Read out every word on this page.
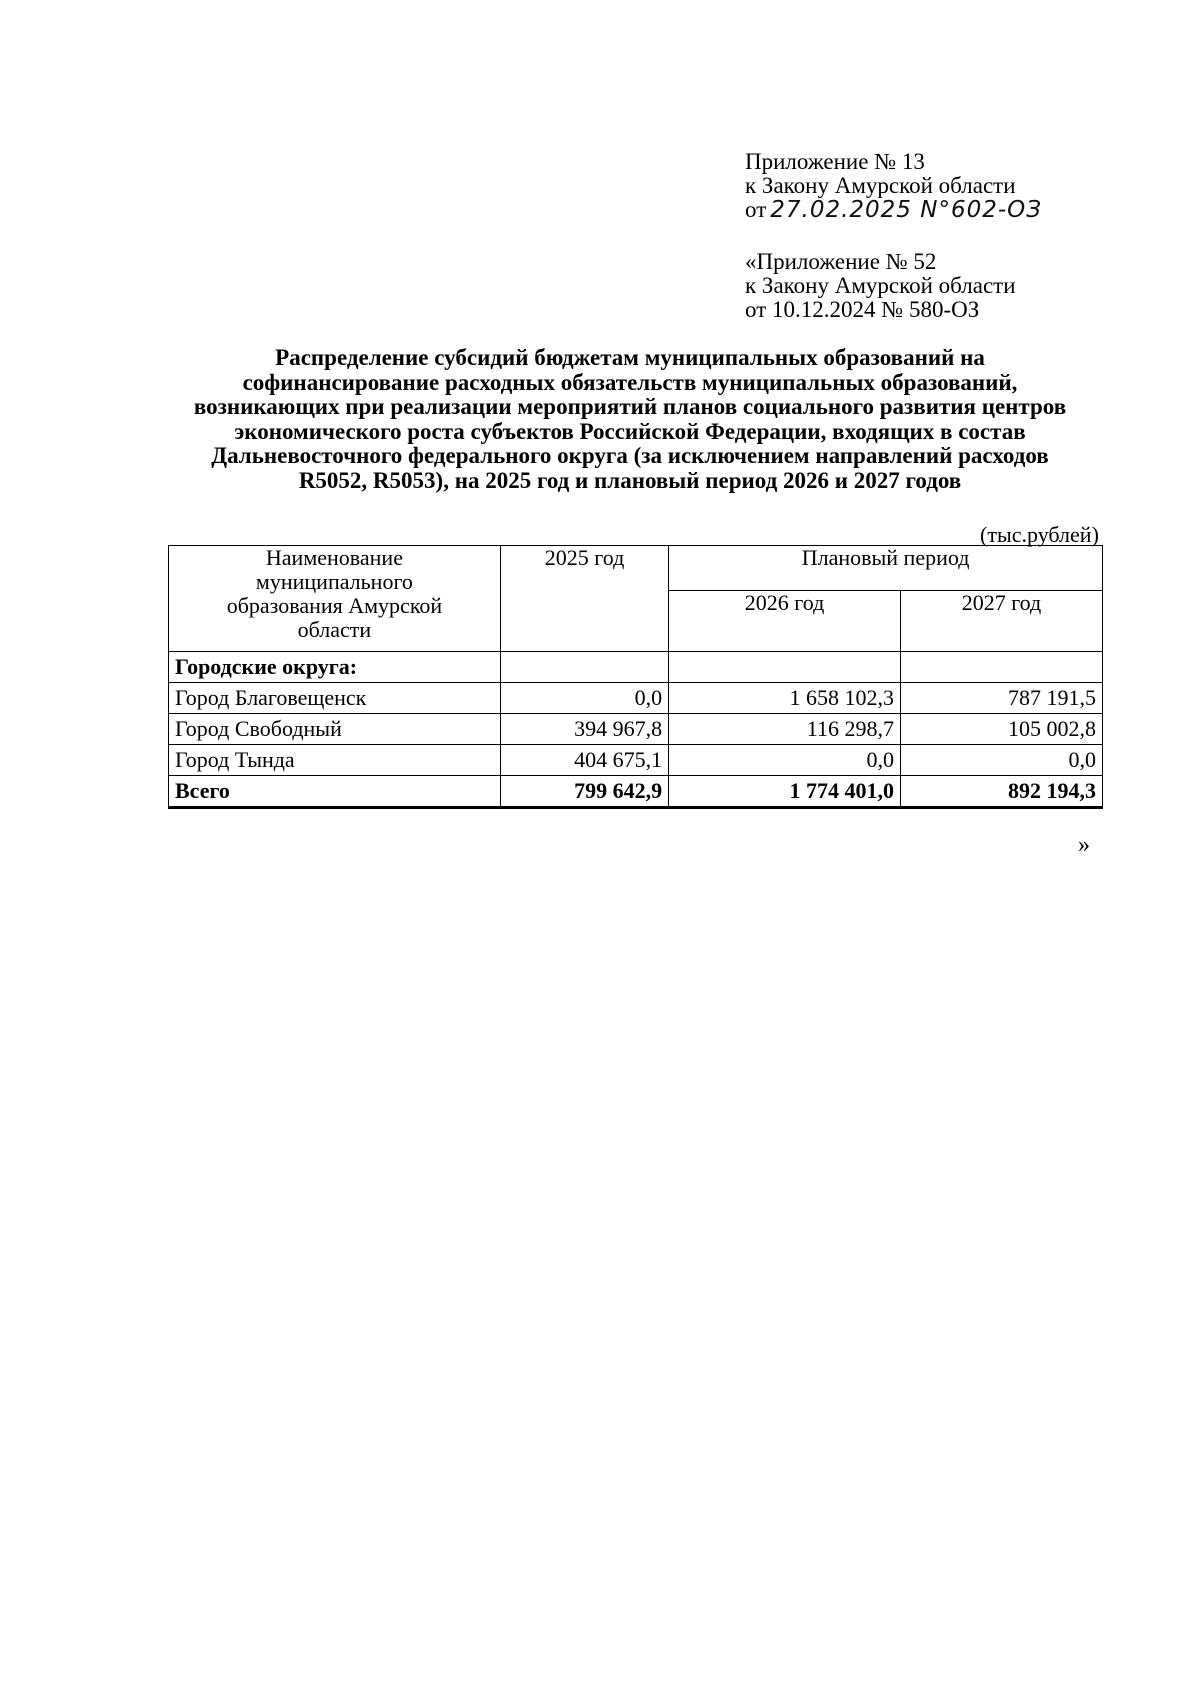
Приложение № 13
к Закону Амурской области
от 27.02.2025 N°602-ОЗ
«Приложение № 52
к Закону Амурской области
от 10.12.2024 № 580-ОЗ
Распределение субсидий бюджетам муниципальных образований на
софинансирование расходных обязательств муниципальных образований,
возникающих при реализации мероприятий планов социального развития центров
экономического роста субъектов Российской Федерации, входящих в состав
Дальневосточного федерального округа (за исключением направлений расходов
R5052, R5053), на 2025 год и плановый период 2026 и 2027 годов
(тыс.рублей)
Наименование
муниципального
образования Амурской
области	2025 год	Плановый период	
		2026 год	2027 год
Городские округа:			
Город Благовещенск	0,0	1 658 102,3	787 191,5
Город Свободный	394 967,8	116 298,7	105 002,8
Город Тында	404 675,1	0,0	0,0
Всего	799 642,9	1 774 401,0	892 194,3
»
